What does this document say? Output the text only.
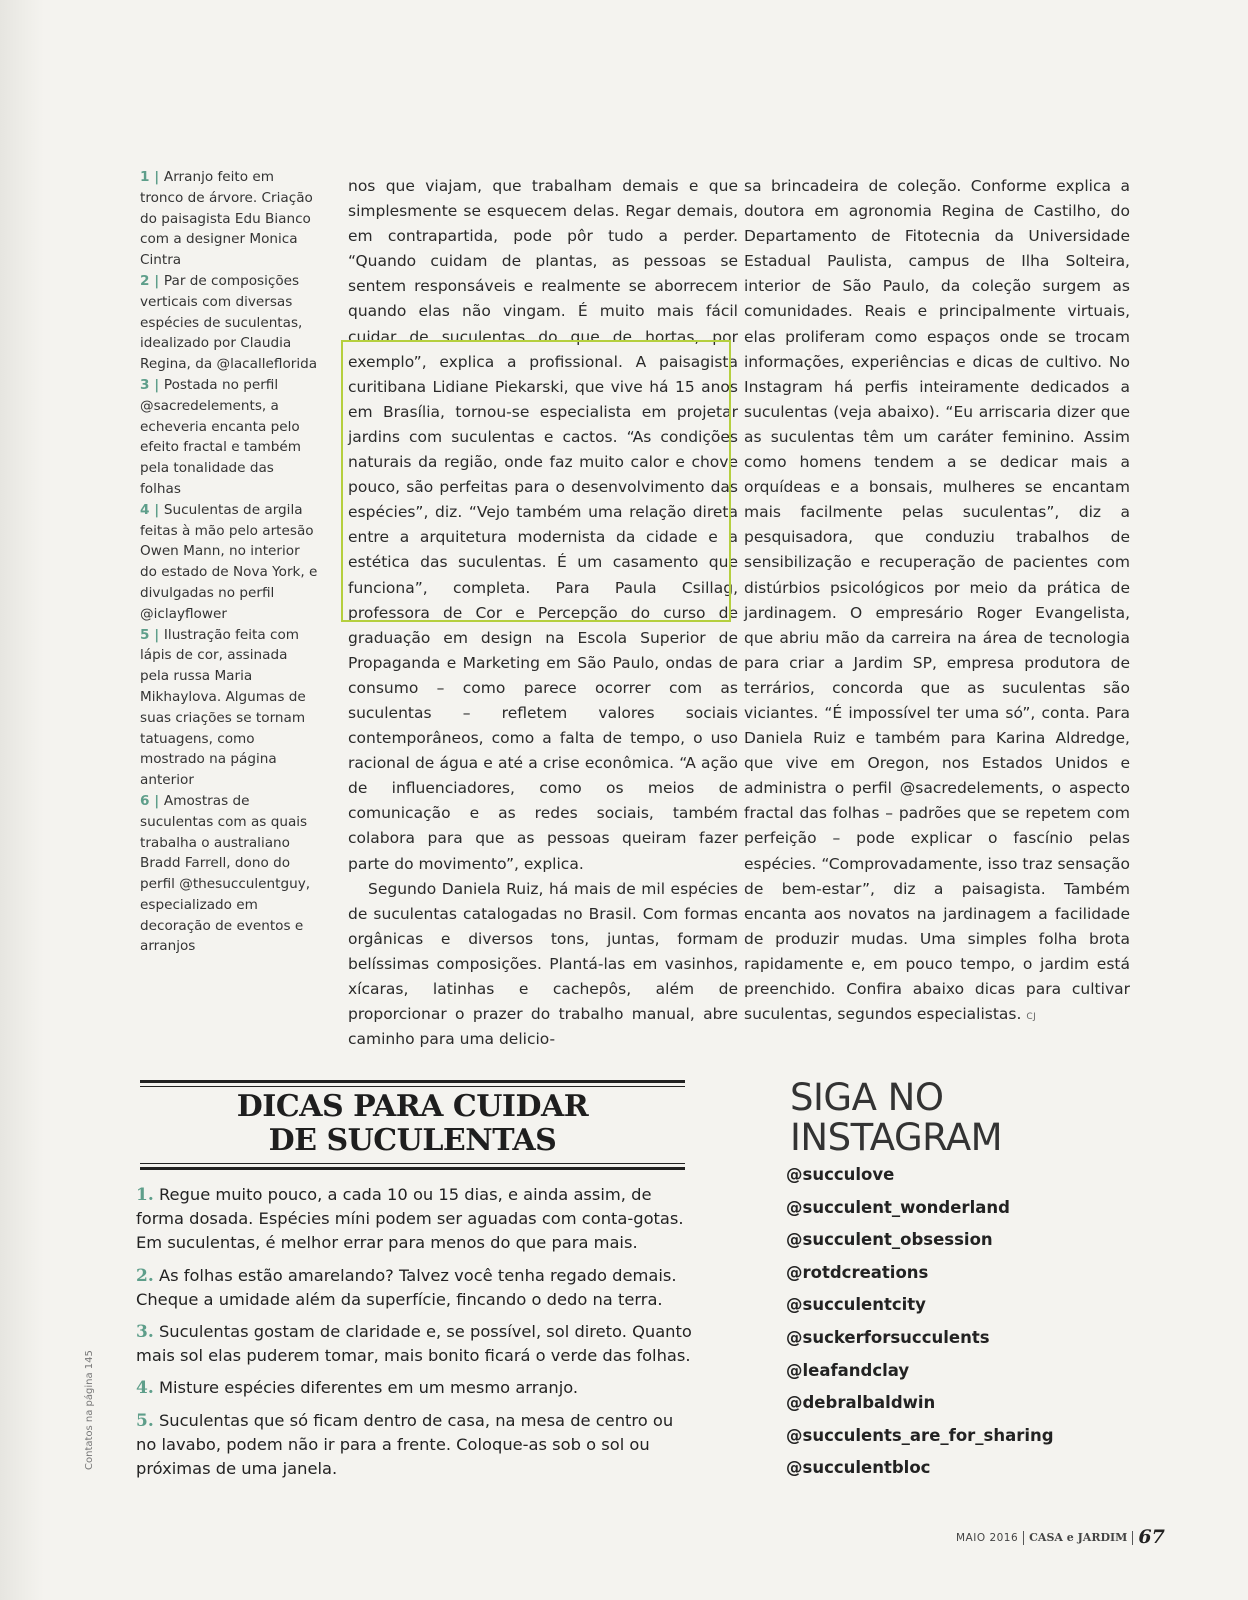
Contatos na página 145

1 | Arranjo feito em tronco de árvore. Criação do paisagista Edu Bianco com a designer Monica Cintra

2 | Par de composições verticais com diversas espécies de suculentas, idealizado por Claudia Regina, da @lacalleflorida

3 | Postada no perfil @sacredelements, a echeveria encanta pelo efeito fractal e também pela tonalidade das folhas

4 | Suculentas de argila feitas à mão pelo artesão Owen Mann, no interior do estado de Nova York, e divulgadas no perfil @iclayflower

5 | Ilustração feita com lápis de cor, assinada pela russa Maria Mikhaylova. Algumas de suas criações se tornam tatuagens, como mostrado na página anterior

6 | Amostras de suculentas com as quais trabalha o australiano Bradd Farrell, dono do perfil @thesucculentguy, especializado em decoração de eventos e arranjos

nos que viajam, que trabalham demais e que simplesmente se esquecem delas. Regar demais, em contrapartida, pode pôr tudo a perder. “Quando cuidam de plantas, as pessoas se sentem responsáveis e realmente se aborrecem quando elas não vingam. É muito mais fácil cuidar de suculentas do que de hortas, por exemplo”, explica a profissional. A paisagista curitibana Lidiane Piekarski, que vive há 15 anos em Brasília, tornou-se especialista em projetar jardins com suculentas e cactos. “As condições naturais da região, onde faz muito calor e chove pouco, são perfeitas para o desenvolvimento das espécies”, diz. “Vejo também uma relação direta entre a arquitetura modernista da cidade e a estética das suculentas. É um casamento que funciona”, completa. Para Paula Csillag, professora de Cor e Percepção do curso de graduação em design na Escola Superior de Propaganda e Marketing em São Paulo, ondas de consumo – como parece ocorrer com as suculentas – refletem valores sociais contemporâneos, como a falta de tempo, o uso racional de água e até a crise econômica. “A ação de influenciadores, como os meios de comunicação e as redes sociais, também colabora para que as pessoas queiram fazer parte do movimento”, explica.

Segundo Daniela Ruiz, há mais de mil espécies de suculentas catalogadas no Brasil. Com formas orgânicas e diversos tons, juntas, formam belíssimas composições. Plantá-las em vasinhos, xícaras, latinhas e cachepôs, além de proporcionar o prazer do trabalho manual, abre caminho para uma delicio-

sa brincadeira de coleção. Conforme explica a doutora em agronomia Regina de Castilho, do Departamento de Fitotecnia da Universidade Estadual Paulista, campus de Ilha Solteira, interior de São Paulo, da coleção surgem as comunidades. Reais e principalmente virtuais, elas proliferam como espaços onde se trocam informações, experiências e dicas de cultivo. No Instagram há perfis inteiramente dedicados a suculentas (veja abaixo). “Eu arriscaria dizer que as suculentas têm um caráter feminino. Assim como homens tendem a se dedicar mais a orquídeas e a bonsais, mulheres se encantam mais facilmente pelas suculentas”, diz a pesquisadora, que conduziu trabalhos de sensibilização e recuperação de pacientes com distúrbios psicológicos por meio da prática de jardinagem. O empresário Roger Evangelista, que abriu mão da carreira na área de tecnologia para criar a Jardim SP, empresa produtora de terrários, concorda que as suculentas são viciantes. “É impossível ter uma só”, conta. Para Daniela Ruiz e também para Karina Aldredge, que vive em Oregon, nos Estados Unidos e administra o perfil @sacredelements, o aspecto fractal das folhas – padrões que se repetem com perfeição – pode explicar o fascínio pelas espécies. “Comprovadamente, isso traz sensação de bem-estar”, diz a paisagista. Também encanta aos novatos na jardinagem a facilidade de produzir mudas. Uma simples folha brota rapidamente e, em pouco tempo, o jardim está preenchido. Confira abaixo dicas para cultivar suculentas, segundos especialistas. CJ

DICAS PARA CUIDAR
DE SUCULENTAS
1. Regue muito pouco, a cada 10 ou 15 dias, e ainda assim, de forma dosada. Espécies míni podem ser aguadas com conta-gotas. Em suculentas, é melhor errar para menos do que para mais.
2. As folhas estão amarelando? Talvez você tenha regado demais. Cheque a umidade além da superfície, fincando o dedo na terra.
3. Suculentas gostam de claridade e, se possível, sol direto. Quanto mais sol elas puderem tomar, mais bonito ficará o verde das folhas.
4. Misture espécies diferentes em um mesmo arranjo.
5. Suculentas que só ficam dentro de casa, na mesa de centro ou no lavabo, podem não ir para a frente. Coloque-as sob o sol ou próximas de uma janela.
SIGA NO
INSTAGRAM
@succulove
@succulent_wonderland
@succulent_obsession
@rotdcreations
@succulentcity
@suckerforsucculents
@leafandclay
@debralbaldwin
@succulents_are_for_sharing
@succulentbloc
MAIO 2016 CASA e JARDIM 67
